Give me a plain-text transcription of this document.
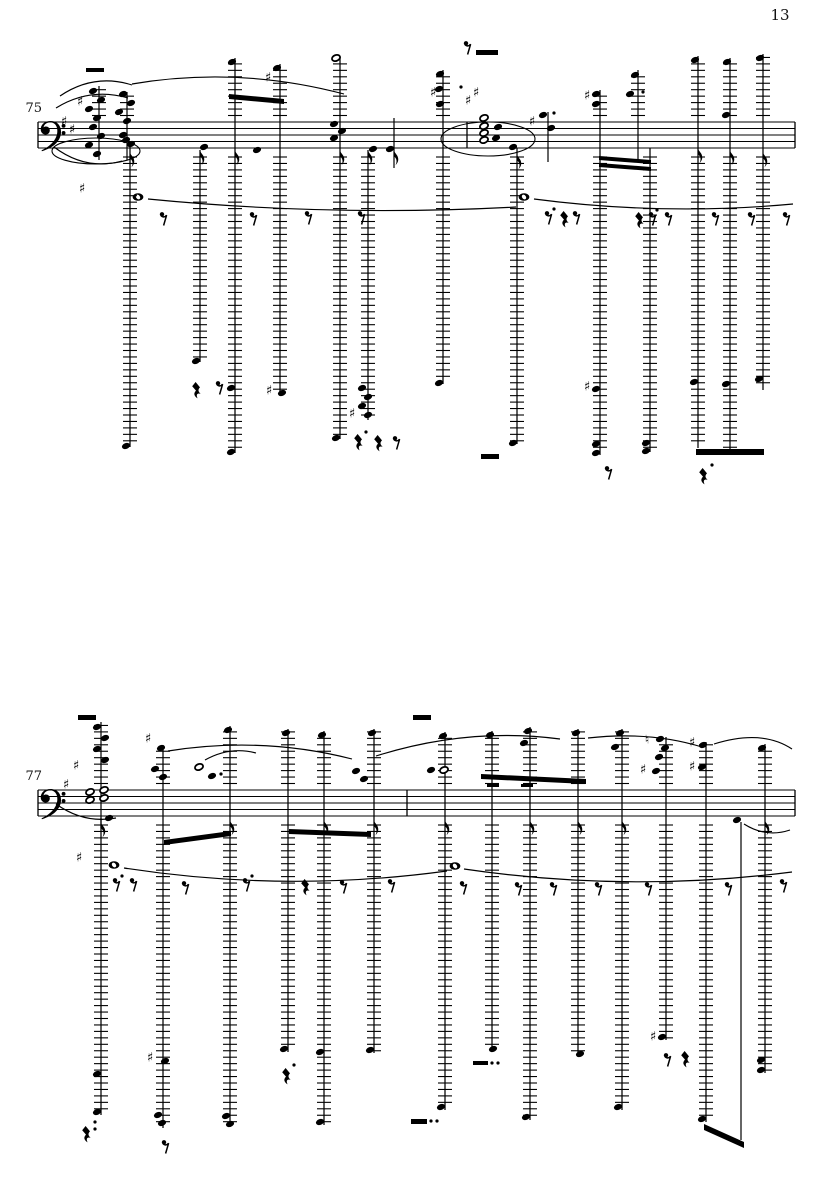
13
75
77
♯
♯
♯
♯
♯
♯
♯
♯	♯
♯
♯
♯
♯
♯
♯
♯
♯
♯
♮
♯
♯
♯
♯
